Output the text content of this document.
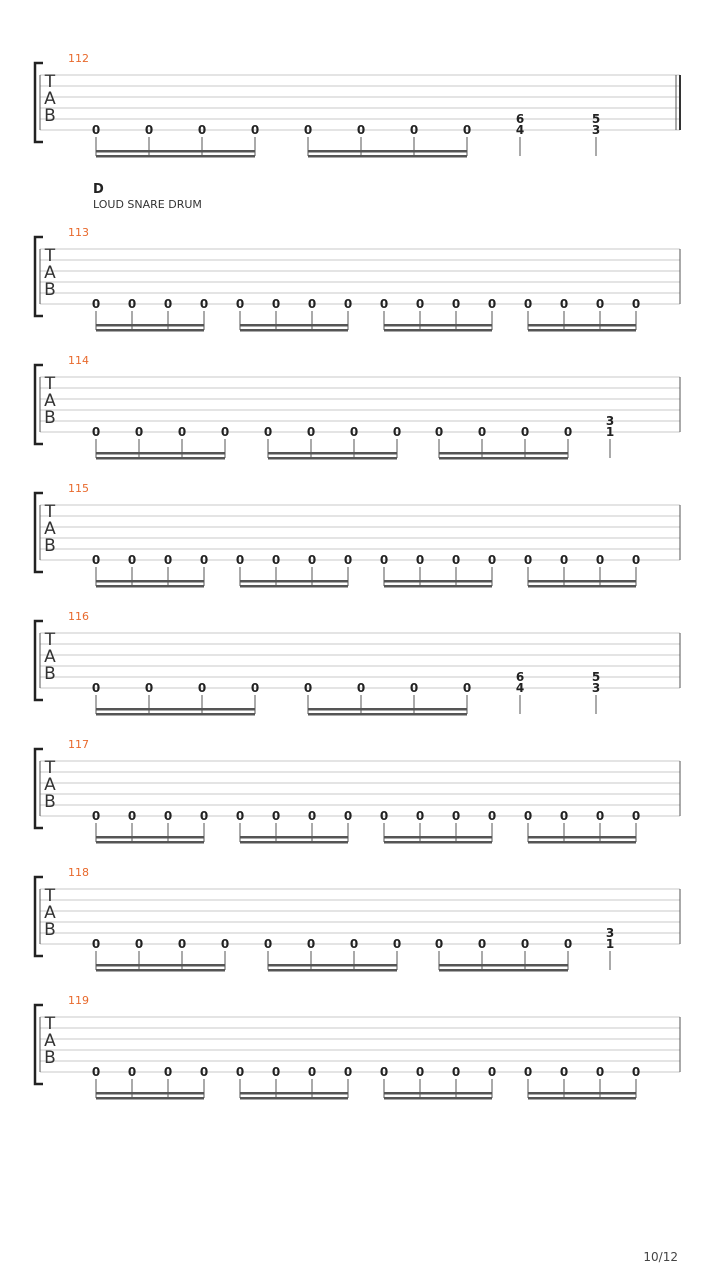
D
LOUD SNARE DRUM
112
T
A
B
0	0	0	0	0	0	0	0
6
4
5
3
113
T
A
B
0 0 0 0 0 0 0 0 0 0 0 0 0 0 0 0
114
T
A
B
0	0	0	0	0	0	0	0	0	0	0	0
3
1
115
T
A
B
0 0 0 0 0 0 0 0 0 0 0 0 0 0 0 0
116
T
A
B
0	0	0	0	0	0	0	0
6
4
5
3
117
T
A
B
0 0 0 0 0 0 0 0 0 0 0 0 0 0 0 0
118
T
A
B
0	0	0	0	0	0	0	0	0	0	0	0
3
1
119
T
A
B
0 0 0 0 0 0 0 0 0 0 0 0 0 0 0 0
10/12
